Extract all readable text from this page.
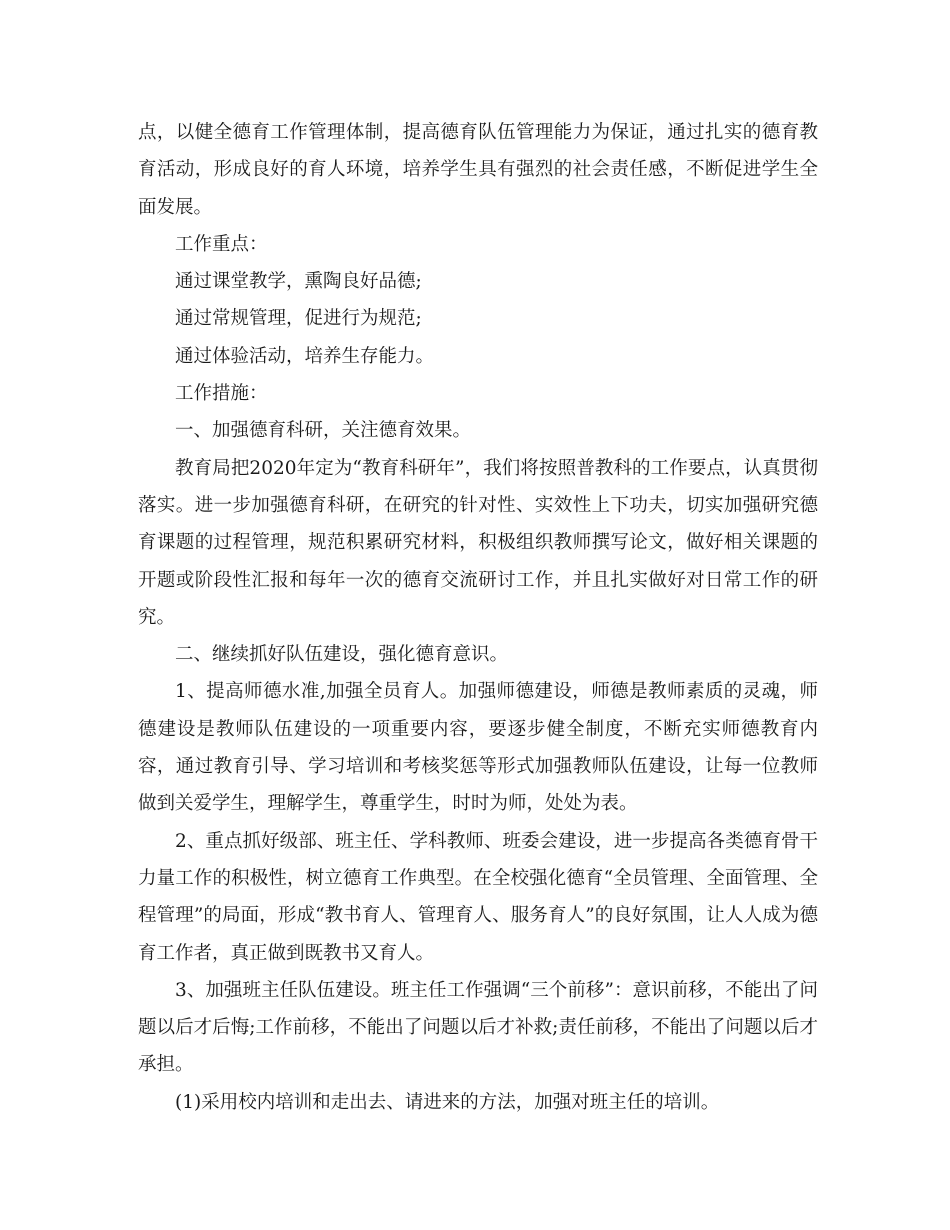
点，以健全德育工作管理体制，提高德育队伍管理能力为保证，通过扎实的德育教育活动，形成良好的育人环境，培养学生具有强烈的社会责任感，不断促进学生全面发展。

工作重点：

通过课堂教学，熏陶良好品德;

通过常规管理，促进行为规范;

通过体验活动，培养生存能力。

工作措施：

一、加强德育科研，关注德育效果。

教育局把2020年定为“教育科研年”，我们将按照普教科的工作要点，认真贯彻落实。进一步加强德育科研，在研究的针对性、实效性上下功夫，切实加强研究德育课题的过程管理，规范积累研究材料，积极组织教师撰写论文，做好相关课题的开题或阶段性汇报和每年一次的德育交流研讨工作，并且扎实做好对日常工作的研究。

二、继续抓好队伍建设，强化德育意识。

1、提高师德水准,加强全员育人。加强师德建设，师德是教师素质的灵魂，师德建设是教师队伍建设的一项重要内容，要逐步健全制度，不断充实师德教育内容，通过教育引导、学习培训和考核奖惩等形式加强教师队伍建设，让每一位教师做到关爱学生，理解学生，尊重学生，时时为师，处处为表。

2、重点抓好级部、班主任、学科教师、班委会建设，进一步提高各类德育骨干力量工作的积极性，树立德育工作典型。在全校强化德育“全员管理、全面管理、全程管理”的局面，形成“教书育人、管理育人、服务育人”的良好氛围，让人人成为德育工作者，真正做到既教书又育人。

3、加强班主任队伍建设。班主任工作强调“三个前移”：意识前移，不能出了问题以后才后悔;工作前移，不能出了问题以后才补救;责任前移，不能出了问题以后才承担。

(1)采用校内培训和走出去、请进来的方法，加强对班主任的培训。
